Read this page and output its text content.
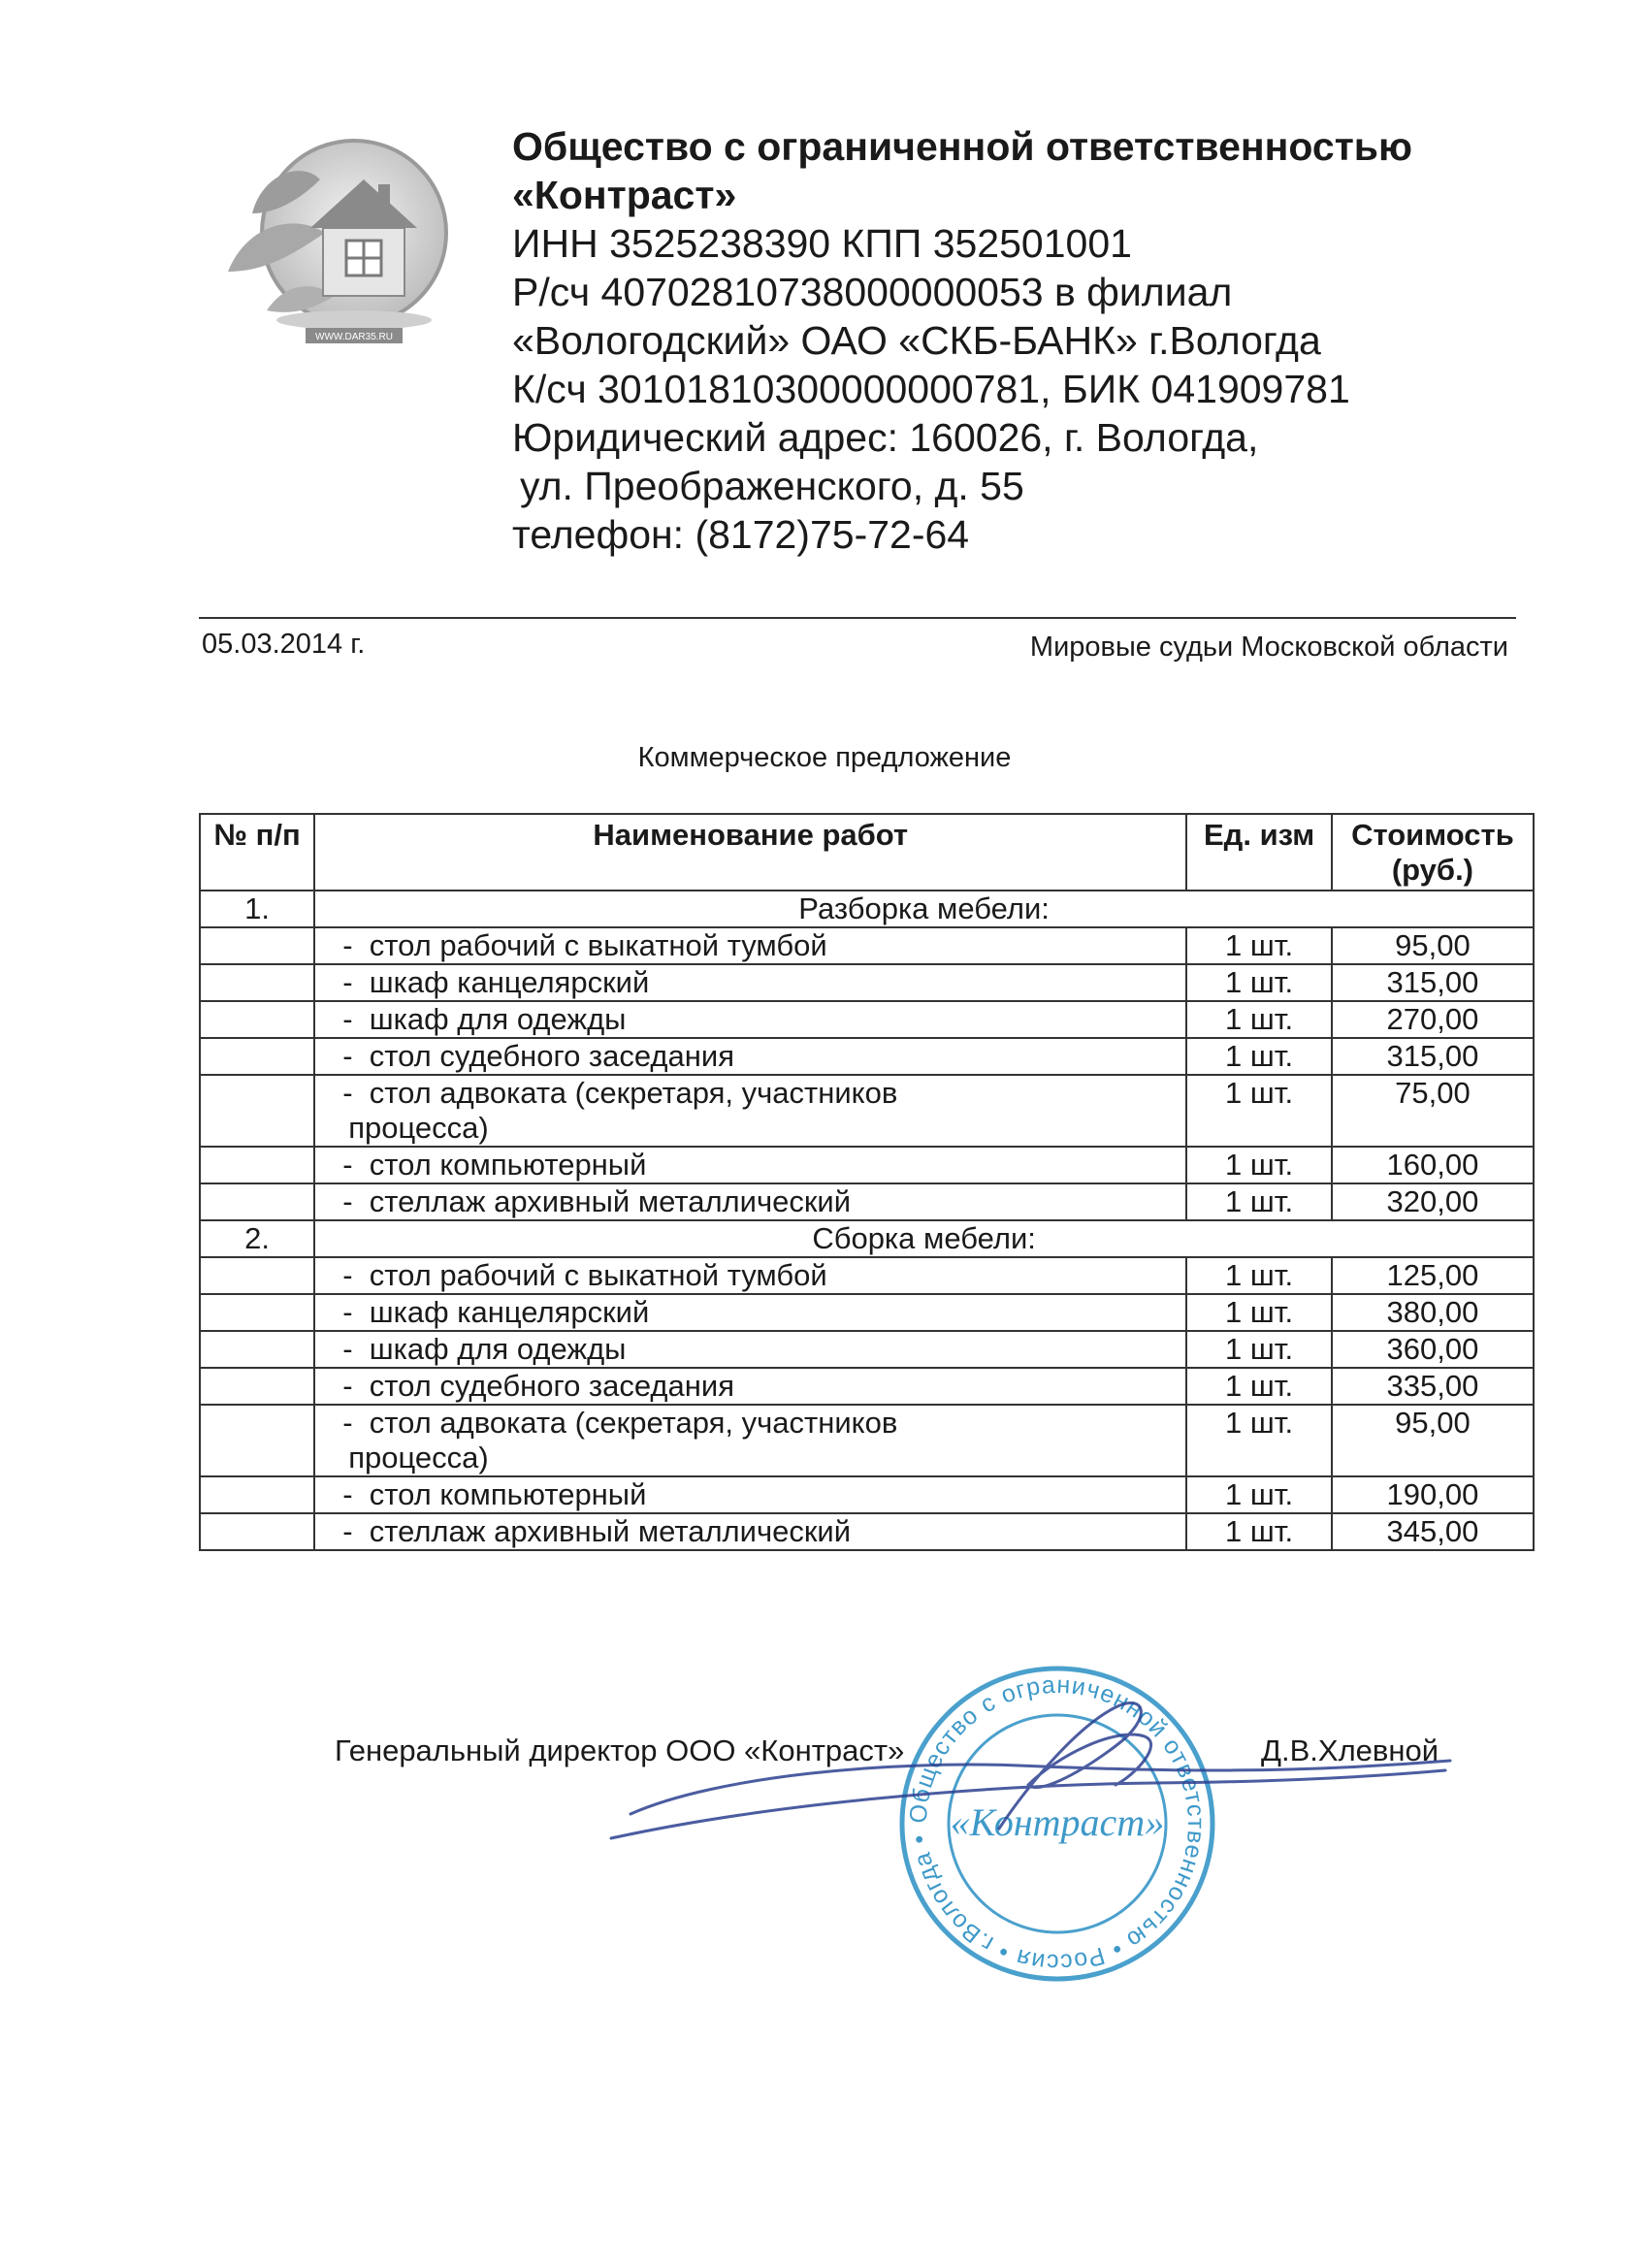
WWW.DAR35.RU
Общество с ограниченной ответственностью
«Контраст»
ИНН 3525238390 КПП 352501001
Р/сч 40702810738000000053 в филиал
«Вологодский» ОАО «СКБ-БАНК» г.Вологда
К/сч 30101810300000000781, БИК 041909781
Юридический адрес: 160026, г. Вологда,
ул. Преображенского, д. 55
телефон: (8172)75-72-64
05.03.2014 г.	Мировые судьи Московской области
Коммерческое предложение
№ п/п	Наименование работ	Ед. изм	Стоимость (руб.)
1.	Разборка мебели:		
	-  стол рабочий с выкатной тумбой	1 шт.	95,00
	-  шкаф канцелярский	1 шт.	315,00
	-  шкаф для одежды	1 шт.	270,00
	-  стол судебного заседания	1 шт.	315,00
	-  стол адвоката (секретаря, участников
процесса)	1 шт.	75,00
	-  стол компьютерный	1 шт.	160,00
	-  стеллаж архивный металлический	1 шт.	320,00
2.	Сборка мебели:		
	-  стол рабочий с выкатной тумбой	1 шт.	125,00
	-  шкаф канцелярский	1 шт.	380,00
	-  шкаф для одежды	1 шт.	360,00
	-  стол судебного заседания	1 шт.	335,00
	-  стол адвоката (секретаря, участников
процесса)	1 шт.	95,00
	-  стол компьютерный	1 шт.	190,00
	-  стеллаж архивный металлический	1 шт.	345,00
Общество с ограниченной ответственностью • Россия • г.Вологда • «Контраст»
Генеральный директор ООО «Контраст»	Д.В.Хлевной
